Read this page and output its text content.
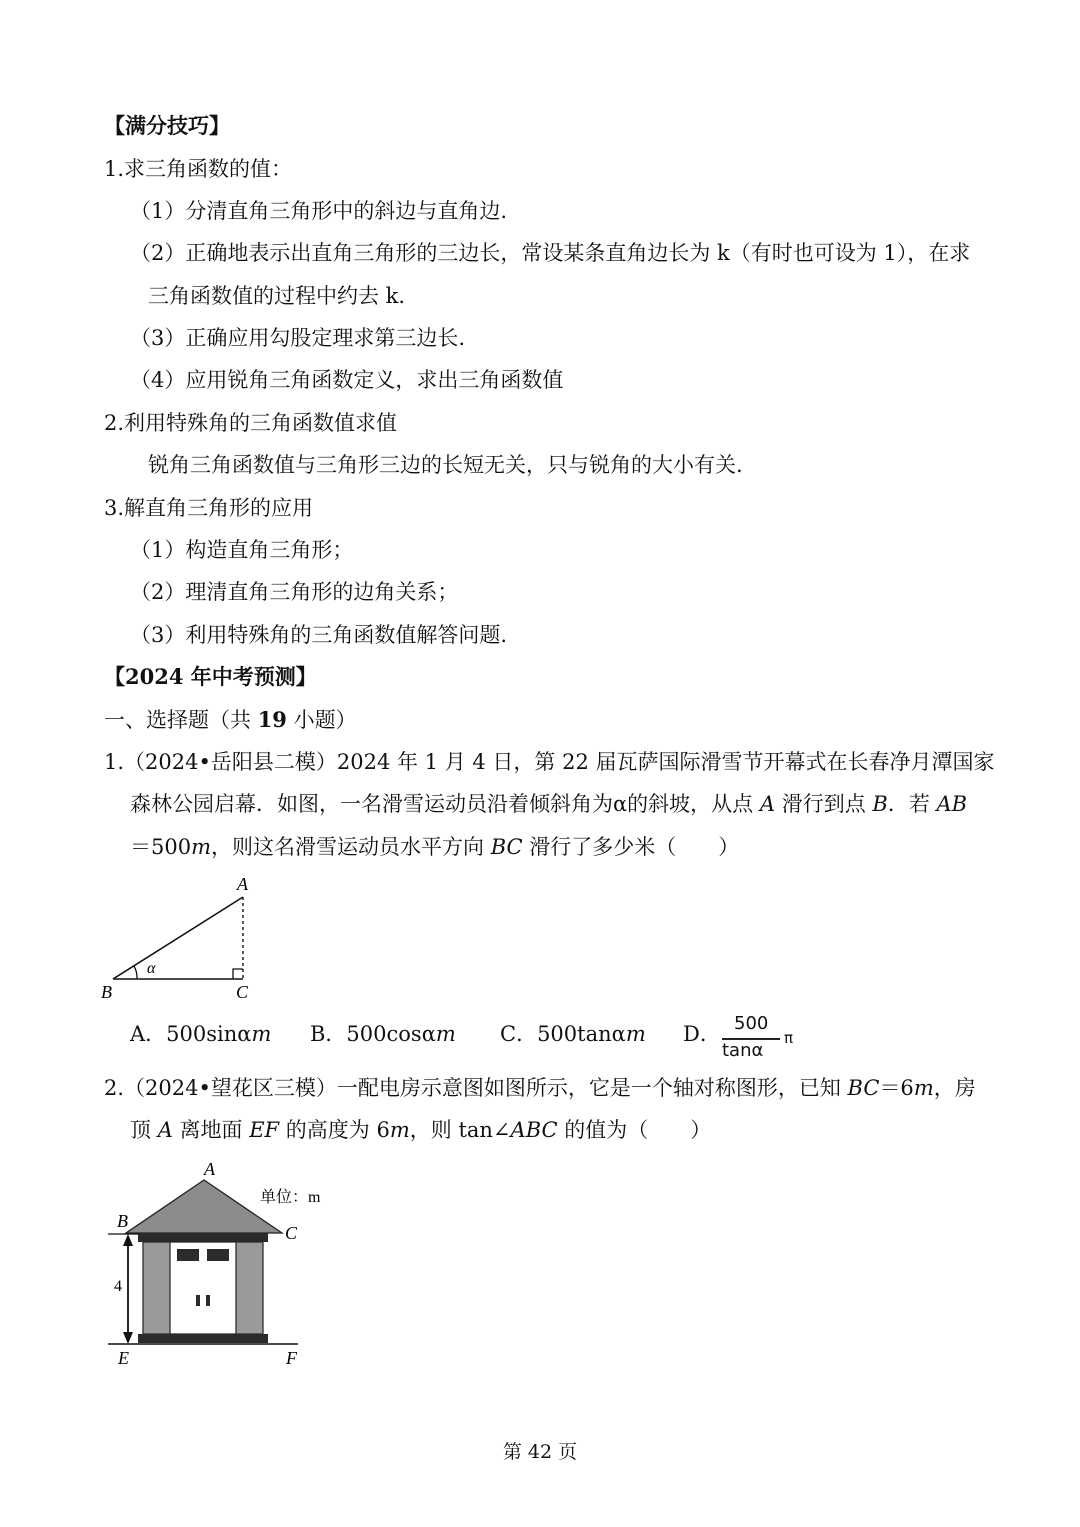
【满分技巧】
1.求三角函数的值：
（1）分清直角三角形中的斜边与直角边.
（2）正确地表示出直角三角形的三边长，常设某条直角边长为 k（有时也可设为 1），在求
三角函数值的过程中约去 k.
（3）正确应用勾股定理求第三边长.
（4）应用锐角三角函数定义，求出三角函数值
2.利用特殊角的三角函数值求值
锐角三角函数值与三角形三边的长短无关，只与锐角的大小有关.
3.解直角三角形的应用
（1）构造直角三角形；
（2）理清直角三角形的边角关系；
（3）利用特殊角的三角函数值解答问题.
【2024 年中考预测】
一、选择题（共 19 小题）
1.（2024•岳阳县二模）2024 年 1 月 4 日，第 22 届瓦萨国际滑雪节开幕式在长春净月潭国家
森林公园启幕．如图，一名滑雪运动员沿着倾斜角为α的斜坡，从点 A 滑行到点 B．若 AB
＝500m，则这名滑雪运动员水平方向 BC 滑行了多少米（　　）
A
B	C
α
A．500sinαm B．500cosαm C．500tanαm D． 500
tanα
π
2.（2024•望花区三模）一配电房示意图如图所示，它是一个轴对称图形，已知 BC＝6m，房
顶 A 离地面 EF 的高度为 6m，则 tan∠ABC 的值为（　　）
A
B
C
E	F
4
单位：m
第 42 页
